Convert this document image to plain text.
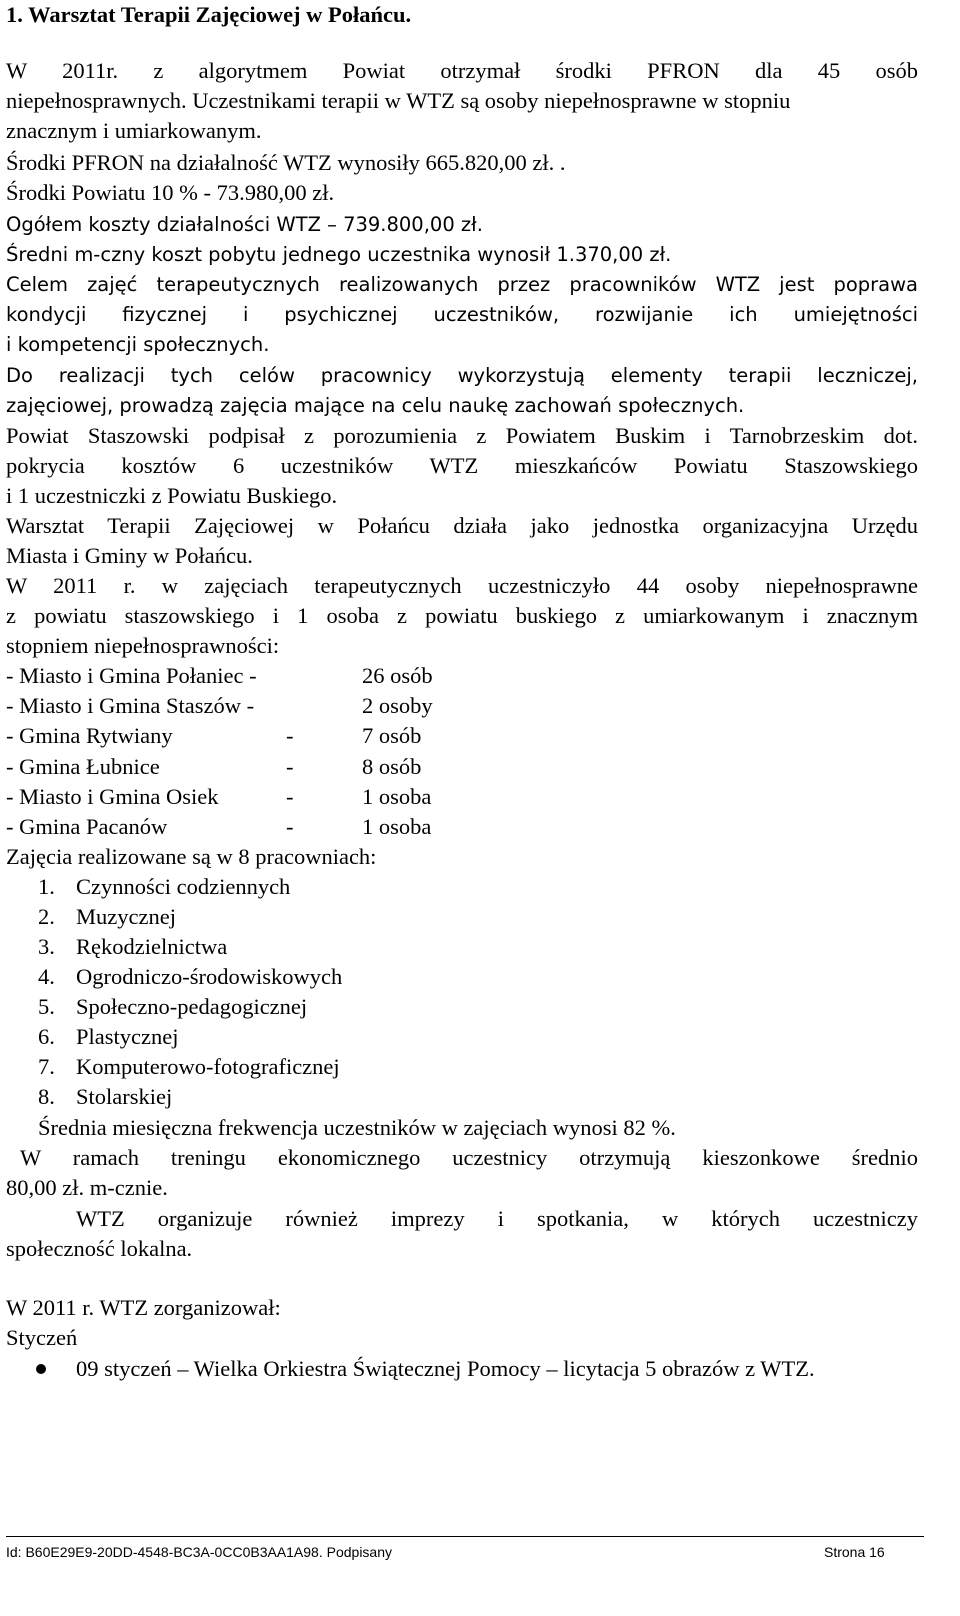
1. Warsztat Terapii Zajęciowej w Połańcu.
W 2011r. z algorytmem Powiat otrzymał środki PFRON dla 45 osób
niepełnosprawnych. Uczestnikami terapii w WTZ są osoby niepełnosprawne w stopniu
znacznym i umiarkowanym.
Środki PFRON na działalność WTZ wynosiły 665.820,00 zł. .
Środki Powiatu 10 % - 73.980,00 zł.
Ogółem koszty działalności WTZ – 739.800,00 zł.
Średni m-czny koszt pobytu jednego uczestnika wynosił 1.370,00 zł.
Celem zajęć terapeutycznych realizowanych przez pracowników WTZ jest poprawa
kondycji fizycznej i psychicznej uczestników, rozwijanie ich umiejętności
i kompetencji społecznych.
Do realizacji tych celów pracownicy wykorzystują elementy terapii leczniczej,
zajęciowej, prowadzą zajęcia mające na celu naukę zachowań społecznych.
Powiat Staszowski podpisał z porozumienia z Powiatem Buskim i Tarnobrzeskim dot.
pokrycia kosztów 6 uczestników WTZ mieszkańców Powiatu Staszowskiego
i 1 uczestniczki z Powiatu Buskiego.
Warsztat Terapii Zajęciowej w Połańcu działa jako jednostka organizacyjna Urzędu
Miasta i Gminy w Połańcu.
W 2011 r. w zajęciach terapeutycznych uczestniczyło 44 osoby niepełnosprawne
z powiatu staszowskiego i 1 osoba z powiatu buskiego z umiarkowanym i znacznym
stopniem niepełnosprawności:
- Miasto i Gmina Połaniec -	26 osób
- Miasto i Gmina Staszów -	2 osoby
- Gmina Rytwiany	-	7 osób
- Gmina Łubnice	-	8 osób
- Miasto i Gmina Osiek	-	1 osoba
- Gmina Pacanów	-	1 osoba
Zajęcia realizowane są w 8 pracowniach:
1. Czynności codziennych
2. Muzycznej
3. Rękodzielnictwa
4. Ogrodniczo-środowiskowych
5. Społeczno-pedagogicznej
6. Plastycznej
7. Komputerowo-fotograficznej
8. Stolarskiej
Średnia miesięczna frekwencja uczestników w zajęciach wynosi 82 %.
W ramach treningu ekonomicznego uczestnicy otrzymują kieszonkowe średnio
80,00 zł. m-cznie.
WTZ organizuje również imprezy i spotkania, w których uczestniczy
społeczność lokalna.
W 2011 r. WTZ zorganizował:
Styczeń
09 styczeń – Wielka Orkiestra Świątecznej Pomocy – licytacja 5 obrazów z WTZ.
Id: B60E29E9-20DD-4548-BC3A-0CC0B3AA1A98. Podpisany	Strona 16
